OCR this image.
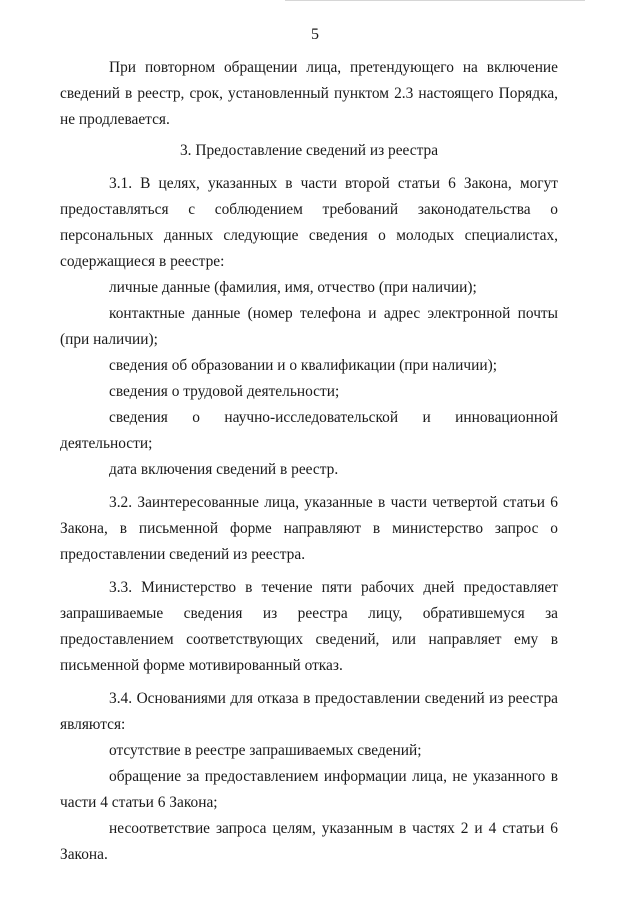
5

При повторном обращении лица, претендующего на включение сведений в реестр, срок, установленный пунктом 2.3 настоящего Порядка, не продлевается.

3. Предоставление сведений из реестра

3.1. В целях, указанных в части второй статьи 6 Закона, могут предоставляться с соблюдением требований законодательства о персональных данных следующие сведения о молодых специалистах, содержащиеся в реестре:

личные данные (фамилия, имя, отчество (при наличии);

контактные данные (номер телефона и адрес электронной почты (при наличии);

сведения об образовании и о квалификации (при наличии);

сведения о трудовой деятельности;

сведения о научно-исследовательской и инновационной деятельности;

дата включения сведений в реестр.

3.2. Заинтересованные лица, указанные в части четвертой статьи 6 Закона, в письменной форме направляют в министерство запрос о предоставлении сведений из реестра.

3.3. Министерство в течение пяти рабочих дней предоставляет запрашиваемые сведения из реестра лицу, обратившемуся за предоставлением соответствующих сведений, или направляет ему в письменной форме мотивированный отказ.

3.4. Основаниями для отказа в предоставлении сведений из реестра являются:

отсутствие в реестре запрашиваемых сведений;

обращение за предоставлением информации лица, не указанного в части 4 статьи 6 Закона;

несоответствие запроса целям, указанным в частях 2 и 4 статьи 6 Закона.
